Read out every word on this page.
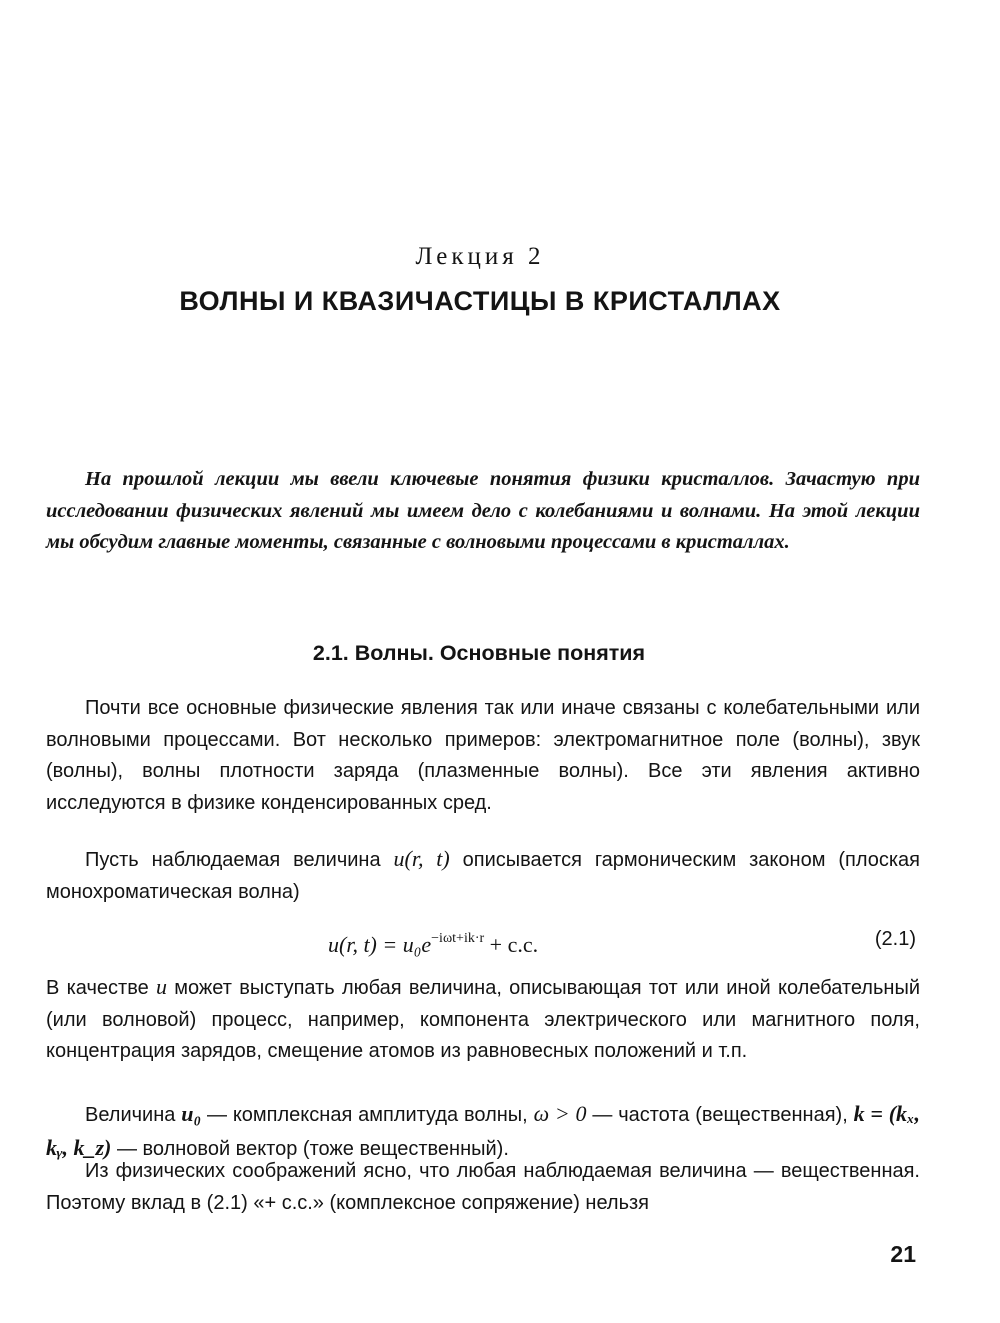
Лекция 2
ВОЛНЫ И КВАЗИЧАСТИЦЫ В КРИСТАЛЛАХ
На прошлой лекции мы ввели ключевые понятия физики кристаллов. Зачастую при исследовании физических явлений мы имеем дело с колебаниями и волнами. На этой лекции мы обсудим главные моменты, связанные с волновыми процессами в кристаллах.
2.1. Волны. Основные понятия

Почти все основные физические явления так или иначе связаны с колебательными или волновыми процессами. Вот несколько примеров: электромагнитное поле (волны), звук (волны), волны плотности заряда (плазменные волны). Все эти явления активно исследуются в физике конденсированных сред.

Пусть наблюдаемая величина u(r, t) описывается гармоническим законом (плоская монохроматическая волна)

u(r, $t) = u_0e^{-i\omega t+ik\cdot r} + c.c$.	(2.1)

В качестве u может выступать любая величина, описывающая тот или иной колебательный (или волновой) процесс, например, компонента электрического или магнитного поля, концентрация зарядов, смещение атомов из равновесных положений и т.п.

Величина u₀ — комплексная амплитуда волны, ω > 0 — частота (вещественная), k = (kₓ, kᵧ, k_z) — волновой вектор (тоже вещественный).

Из физических соображений ясно, что любая наблюдаемая величина — вещественная. Поэтому вклад в (2.1) «+ c.c.» (комплексное сопряжение) нельзя

21
